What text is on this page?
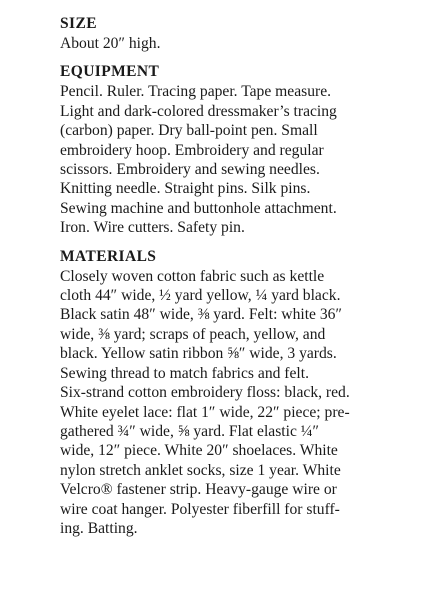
SIZE

About 20″ high.

EQUIPMENT

Pencil. Ruler. Tracing paper. Tape measure.

Light and dark-colored dressmaker’s tracing

(carbon) paper. Dry ball-point pen. Small

embroidery hoop. Embroidery and regular

scissors. Embroidery and sewing needles.

Knitting needle. Straight pins. Silk pins.

Sewing machine and buttonhole attachment.

Iron. Wire cutters. Safety pin.

MATERIALS

Closely woven cotton fabric such as kettle

cloth 44″ wide, ½ yard yellow, ¼ yard black.

Black satin 48″ wide, ⅜ yard. Felt: white 36″

wide, ⅜ yard; scraps of peach, yellow, and

black. Yellow satin ribbon ⅝″ wide, 3 yards.

Sewing thread to match fabrics and felt.

Six-strand cotton embroidery floss: black, red.

White eyelet lace: flat 1″ wide, 22″ piece; pre-

gathered ¾″ wide, ⅝ yard. Flat elastic ¼″

wide, 12″ piece. White 20″ shoelaces. White

nylon stretch anklet socks, size 1 year. White

Velcro® fastener strip. Heavy-gauge wire or

wire coat hanger. Polyester fiberfill for stuff-

ing. Batting.
